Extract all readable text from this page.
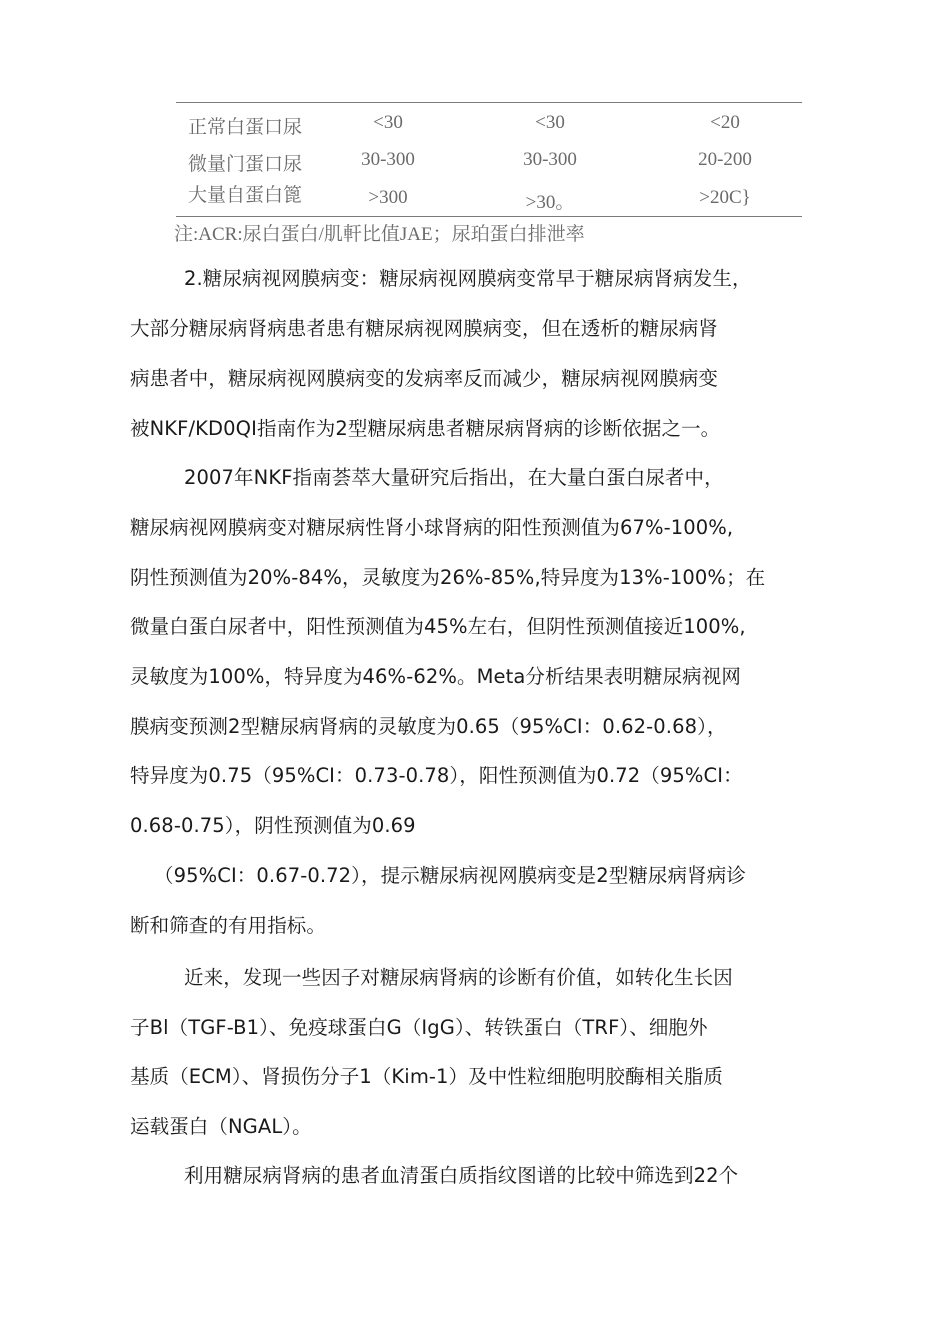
正常白蛋口尿	<30	<30	<20
微量门蛋口尿	30-300	30-300	20-200
大量自蛋白篦	>300	>30。	>20C}
注:ACR:尿白蛋白/肌軒比值JAE；尿珀蛋白排泄率
2.糖尿病视网膜病变：糖尿病视网膜病变常早于糖尿病肾病发生，
大部分糖尿病肾病患者患有糖尿病视网膜病变，但在透析的糖尿病肾
病患者中，糖尿病视网膜病变的发病率反而减少，糖尿病视网膜病变
被NKF/KD0QI指南作为2型糖尿病患者糖尿病肾病的诊断依据之一。
2007年NKF指南荟萃大量研究后指出，在大量白蛋白尿者中，
糖尿病视网膜病变对糖尿病性肾小球肾病的阳性预测值为67%-100%,
阴性预测值为20%-84%，灵敏度为26%-85%,特异度为13%-100%；在
微量白蛋白尿者中，阳性预测值为45%左右，但阴性预测值接近100%,
灵敏度为100%，特异度为46%-62%。Meta分析结果表明糖尿病视网
膜病变预测2型糖尿病肾病的灵敏度为0.65（95%CI：0.62-0.68），
特异度为0.75（95%CI：0.73-0.78），阳性预测值为0.72（95%CI：
0.68-0.75），阴性预测值为0.69
（95%CI：0.67-0.72），提示糖尿病视网膜病变是2型糖尿病肾病诊
断和筛查的有用指标。
近来，发现一些因子对糖尿病肾病的诊断有价值，如转化生长因
子Bl（TGF-B1）、免疫球蛋白G（IgG）、转铁蛋白（TRF）、细胞外
基质（ECM）、肾损伤分子1（Kim-1）及中性粒细胞明胶酶相关脂质
运载蛋白（NGAL）。
利用糖尿病肾病的患者血清蛋白质指纹图谱的比较中筛选到22个
